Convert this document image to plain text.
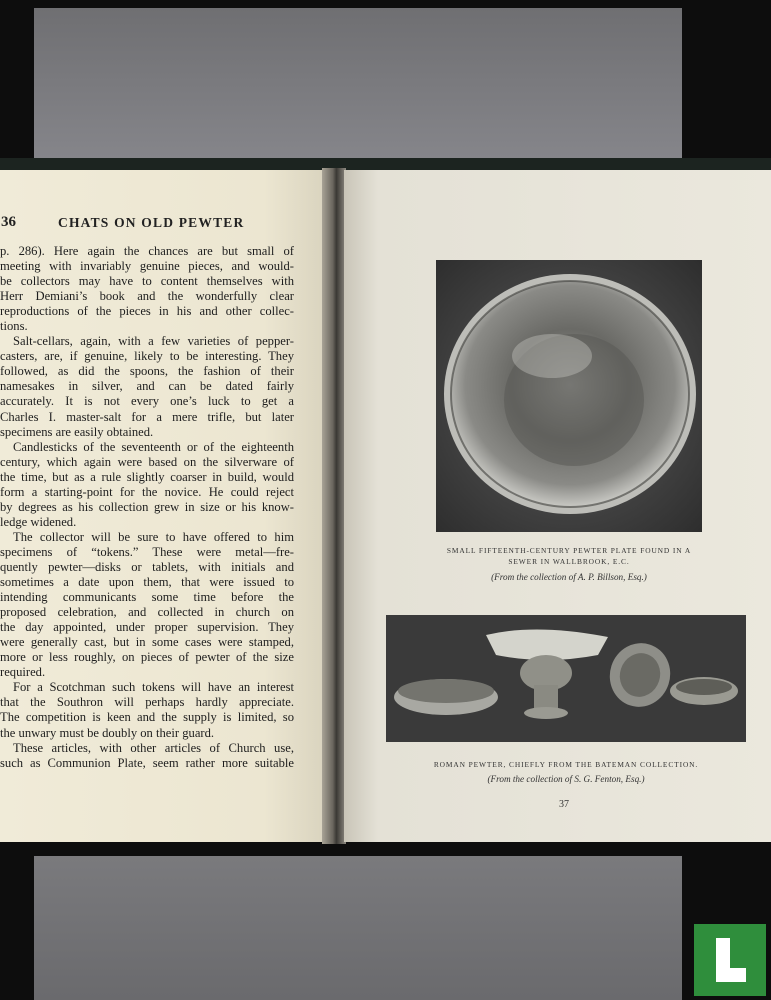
36	CHATS ON OLD PEWTER
p. 286). Here again the chances are but small of
meeting with invariably genuine pieces, and would-
be collectors may have to content themselves with
Herr Demiani’s book and the wonderfully clear
reproductions of the pieces in his and other collec-
tions.
Salt-cellars, again, with a few varieties of pepper-
casters, are, if genuine, likely to be interesting. They
followed, as did the spoons, the fashion of their
namesakes in silver, and can be dated fairly
accurately. It is not every one’s luck to get a
Charles I. master-salt for a mere trifle, but later
specimens are easily obtained.
Candlesticks of the seventeenth or of the eighteenth
century, which again were based on the silverware of
the time, but as a rule slightly coarser in build, would
form a starting-point for the novice. He could reject
by degrees as his collection grew in size or his know-
ledge widened.
The collector will be sure to have offered to him
specimens of “tokens.” These were metal—fre-
quently pewter—disks or tablets, with initials and
sometimes a date upon them, that were issued to
intending communicants some time before the
proposed celebration, and collected in church on
the day appointed, under proper supervision. They
were generally cast, but in some cases were stamped,
more or less roughly, on pieces of pewter of the size
required.
For a Scotchman such tokens will have an interest
that the Southron will perhaps hardly appreciate.
The competition is keen and the supply is limited, so
the unwary must be doubly on their guard.
These articles, with other articles of Church use,
such as Communion Plate, seem rather more suitable
SMALL FIFTEENTH-CENTURY PEWTER PLATE FOUND IN A
SEWER IN WALLBROOK, E.C.
(From the collection of A. P. Billson, Esq.)
ROMAN PEWTER, CHIEFLY FROM THE BATEMAN COLLECTION.
(From the collection of S. G. Fenton, Esq.)
37
